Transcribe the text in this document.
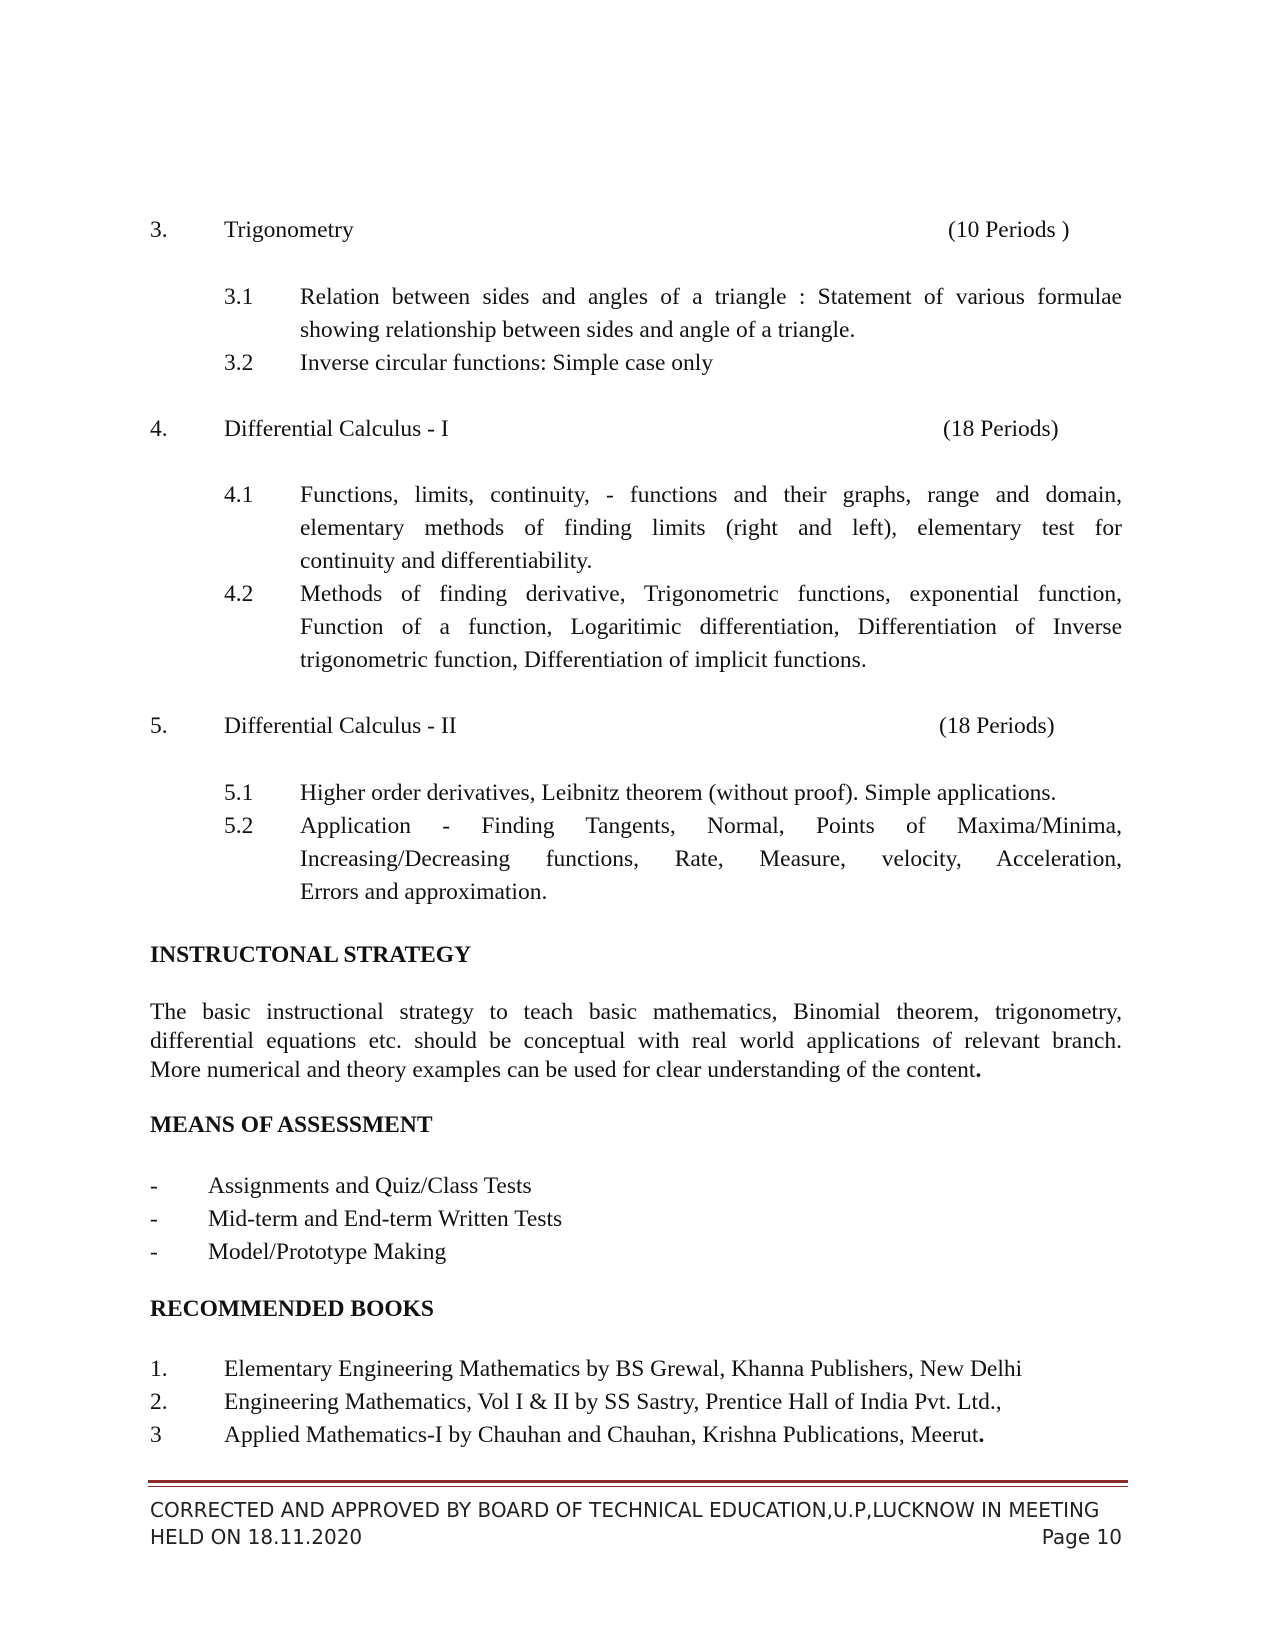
3. Trigonometry	(10 Periods )
3.1 Relation between sides and angles of a triangle : Statement of various formulae
showing relationship between sides and angle of a triangle.
3.2 Inverse circular functions: Simple case only
4. Differential Calculus - I	(18 Periods)
4.1 Functions, limits, continuity, - functions and their graphs, range and domain,
elementary methods of finding limits (right and left), elementary test for
continuity and differentiability.
4.2 Methods of finding derivative, Trigonometric functions, exponential function,
Function of a function, Logaritimic differentiation, Differentiation of Inverse
trigonometric function, Differentiation of implicit functions.
5. Differential Calculus - II	(18 Periods)
5.1 Higher order derivatives, Leibnitz theorem (without proof). Simple applications.
5.2 Application - Finding Tangents, Normal, Points of Maxima/Minima,
Increasing/Decreasing functions, Rate, Measure, velocity, Acceleration,
Errors and approximation.
INSTRUCTONAL STRATEGY
The basic instructional strategy to teach basic mathematics, Binomial theorem, trigonometry,
differential equations etc. should be conceptual with real world applications of relevant branch.
More numerical and theory examples can be used for clear understanding of the content.
MEANS OF ASSESSMENT
- Assignments and Quiz/Class Tests
- Mid-term and End-term Written Tests
- Model/Prototype Making
RECOMMENDED BOOKS
1. Elementary Engineering Mathematics by BS Grewal, Khanna Publishers, New Delhi
2. Engineering Mathematics, Vol I & II by SS Sastry, Prentice Hall of India Pvt. Ltd.,
3	Applied Mathematics-I by Chauhan and Chauhan, Krishna Publications, Meerut.
CORRECTED AND APPROVED BY BOARD OF TECHNICAL EDUCATION,U.P,LUCKNOW IN MEETING
HELD ON 18.11.2020	Page 10
